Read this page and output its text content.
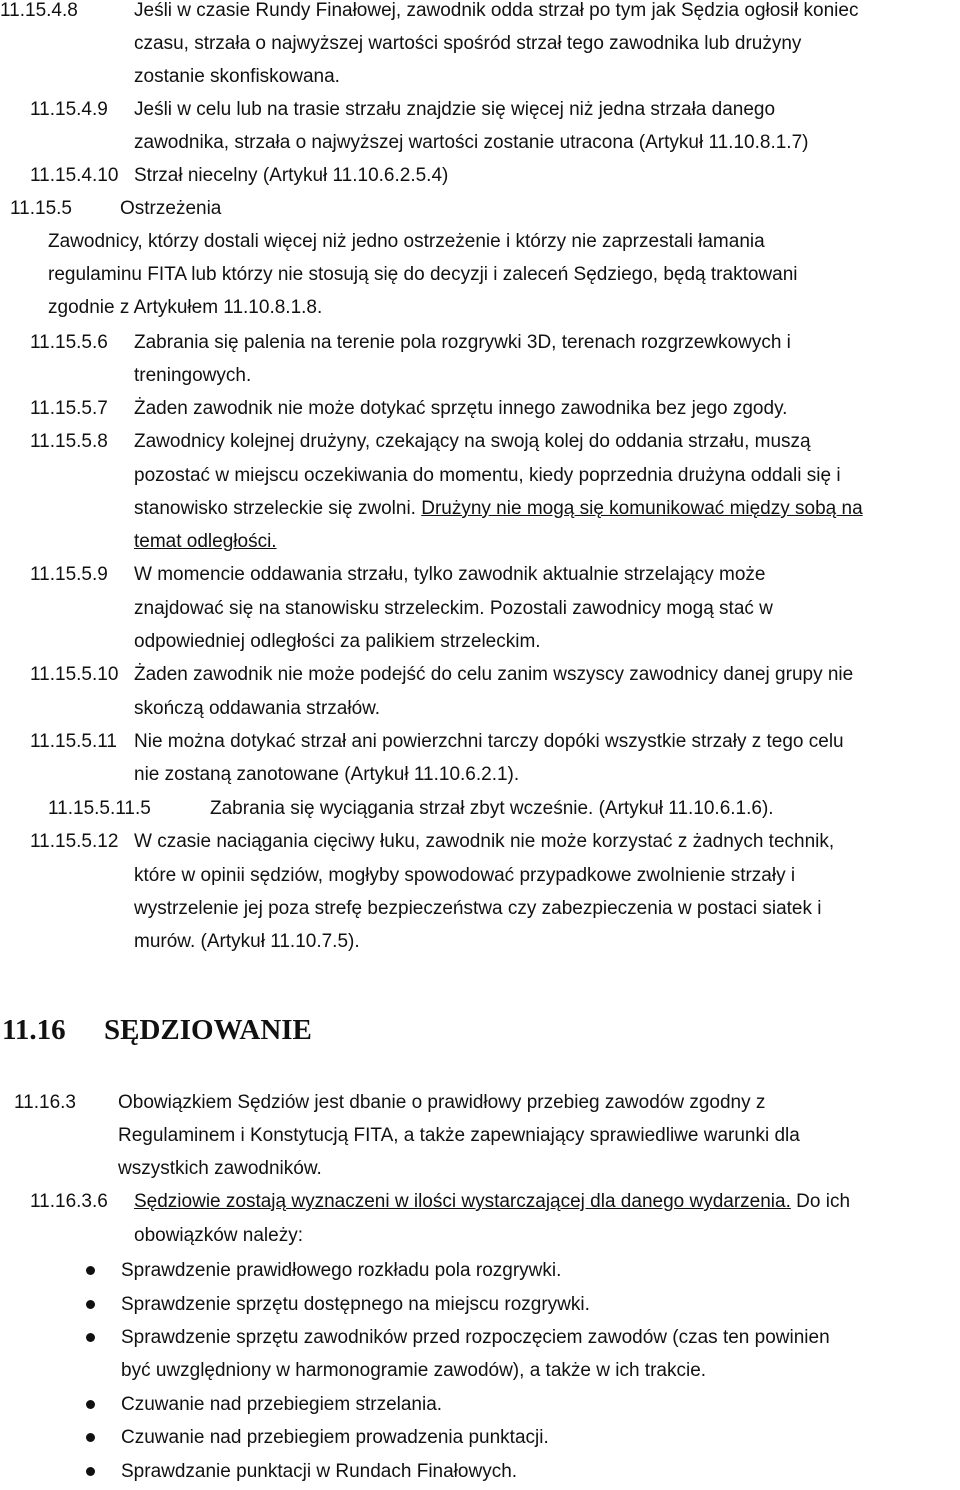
11.15.4.8	Jeśli w czasie Rundy Finałowej, zawodnik odda strzał po tym jak Sędzia ogłosił koniec
czasu, strzała o najwyższej wartości spośród strzał tego zawodnika lub drużyny
zostanie skonfiskowana.
11.15.4.9 Jeśli w celu lub na trasie strzału znajdzie się więcej niż jedna strzała danego
zawodnika, strzała o najwyższej wartości zostanie utracona (Artykuł 11.10.8.1.7)
11.15.4.10 Strzał niecelny (Artykuł 11.10.6.2.5.4)
11.15.5	Ostrzeżenia
Zawodnicy, którzy dostali więcej niż jedno ostrzeżenie i którzy nie zaprzestali łamania
regulaminu FITA lub którzy nie stosują się do decyzji i zaleceń Sędziego, będą traktowani
zgodnie z Artykułem 11.10.8.1.8.
11.15.5.6 Zabrania się palenia na terenie pola rozgrywki 3D, terenach rozgrzewkowych i
treningowych.
11.15.5.7 Żaden zawodnik nie może dotykać sprzętu innego zawodnika bez jego zgody.
11.15.5.8 Zawodnicy kolejnej drużyny, czekający na swoją kolej do oddania strzału, muszą
pozostać w miejscu oczekiwania do momentu, kiedy poprzednia drużyna oddali się i
stanowisko strzeleckie się zwolni. Drużyny nie mogą się komunikować między sobą na
temat odległości.
11.15.5.9 W momencie oddawania strzału, tylko zawodnik aktualnie strzelający może
znajdować się na stanowisku strzeleckim. Pozostali zawodnicy mogą stać w
odpowiedniej odległości za palikiem strzeleckim.
11.15.5.10 Żaden zawodnik nie może podejść do celu zanim wszyscy zawodnicy danej grupy nie
skończą oddawania strzałów.
11.15.5.11 Nie można dotykać strzał ani powierzchni tarczy dopóki wszystkie strzały z tego celu
nie zostaną zanotowane (Artykuł 11.10.6.2.1).
11.15.5.11.5	Zabrania się wyciągania strzał zbyt wcześnie. (Artykuł 11.10.6.1.6).
11.15.5.12 W czasie naciągania cięciwy łuku, zawodnik nie może korzystać z żadnych technik,
które w opinii sędziów, mogłyby spowodować przypadkowe zwolnienie strzały i
wystrzelenie jej poza strefę bezpieczeństwa czy zabezpieczenia w postaci siatek i
murów. (Artykuł 11.10.7.5).
11.16 SĘDZIOWANIE
11.16.3 Obowiązkiem Sędziów jest dbanie o prawidłowy przebieg zawodów zgodny z
Regulaminem i Konstytucją FITA, a także zapewniający sprawiedliwe warunki dla
wszystkich zawodników.
11.16.3.6 Sędziowie zostają wyznaczeni w ilości wystarczającej dla danego wydarzenia. Do ich
obowiązków należy:
Sprawdzenie prawidłowego rozkładu pola rozgrywki.
Sprawdzenie sprzętu dostępnego na miejscu rozgrywki.
Sprawdzenie sprzętu zawodników przed rozpoczęciem zawodów (czas ten powinien
być uwzględniony w harmonogramie zawodów), a także w ich trakcie.
Czuwanie nad przebiegiem strzelania.
Czuwanie nad przebiegiem prowadzenia punktacji.
Sprawdzanie punktacji w Rundach Finałowych.
